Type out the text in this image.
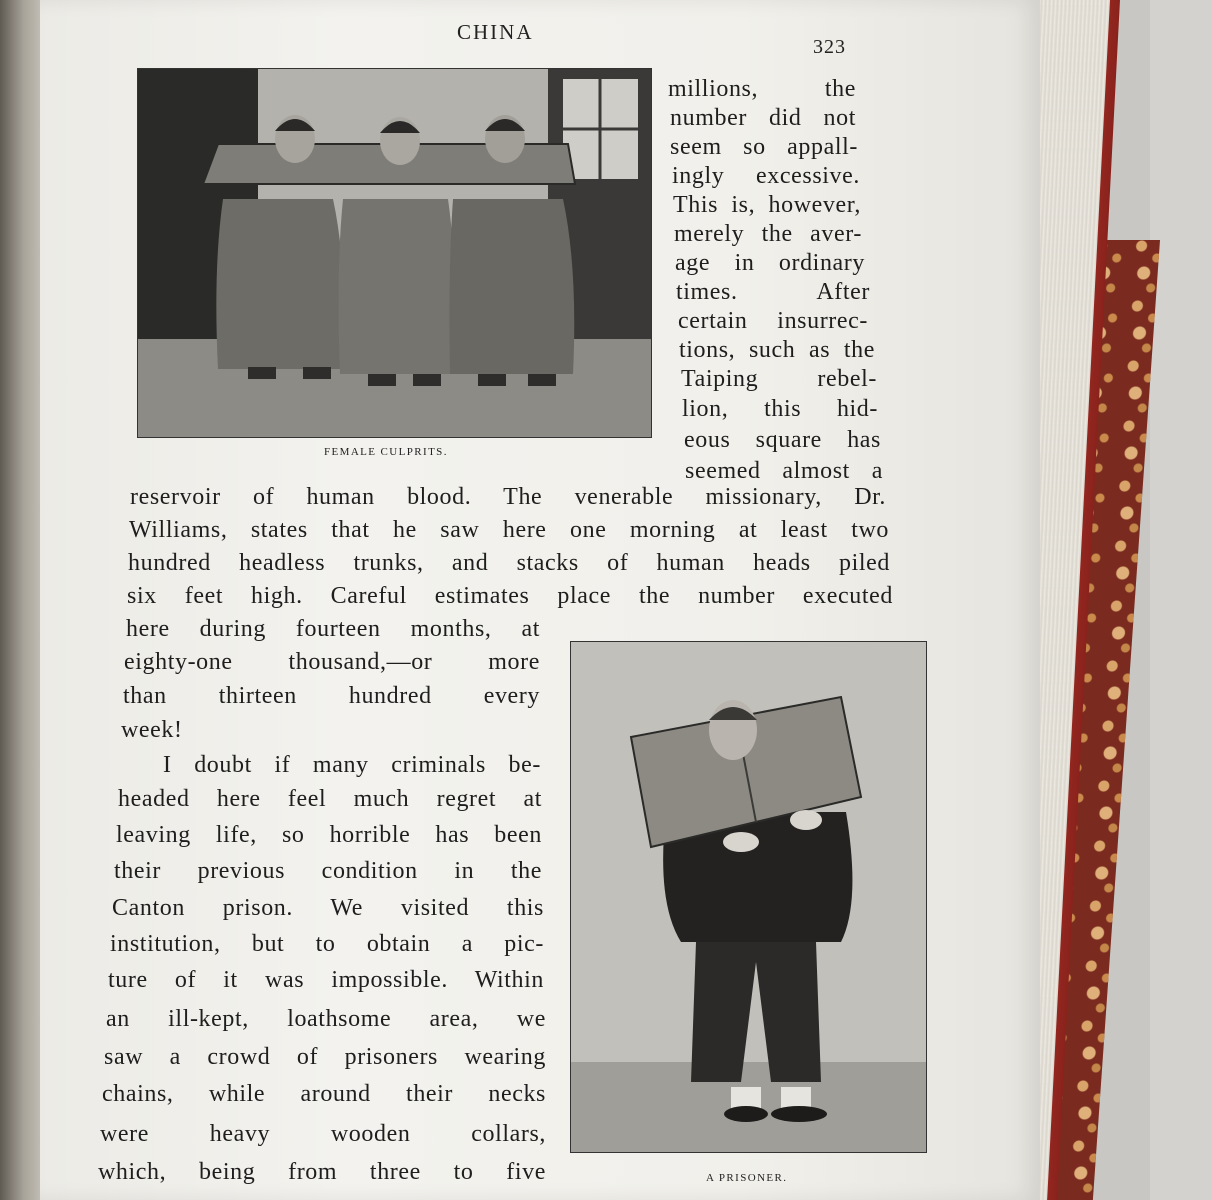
CHINA
323
FEMALE CULPRITS.
A PRISONER.

millions, the

number did not

seem so appall-

ingly excessive.

This is, however,

merely the aver-

age in ordinary

times. After

certain insurrec-

tions, such as the

Taiping rebel-

lion, this hid-

eous square has

seemed almost a

reservoir of human blood. The venerable missionary, Dr.

Williams, states that he saw here one morning at least two

hundred headless trunks, and stacks of human heads piled

six feet high. Careful estimates place the number executed

here during fourteen months, at

eighty-one thousand,—or more

than thirteen hundred every

week!

I doubt if many criminals be-

headed here feel much regret at

leaving life, so horrible has been

their previous condition in the

Canton prison. We visited this

institution, but to obtain a pic-

ture of it was impossible. Within

an ill-kept, loathsome area, we

saw a crowd of prisoners wearing

chains, while around their necks

were heavy wooden collars,

which, being from three to five
